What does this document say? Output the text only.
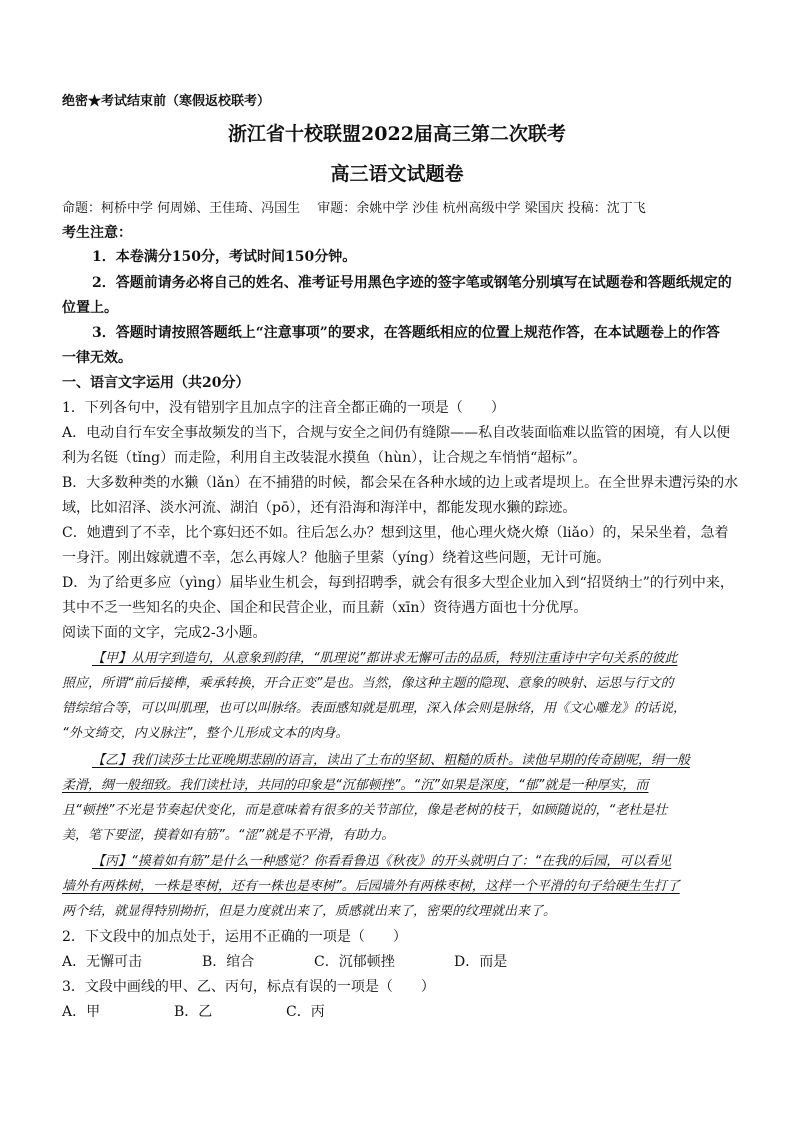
绝密★考试结束前（寒假返校联考）
浙江省十校联盟2022届高三第二次联考
高三语文试题卷
命题：柯桥中学 何周娣、王佳琦、冯国生　 审题：余姚中学 沙佳 杭州高级中学 梁国庆 投稿：沈丁飞
考生注意：
1．本卷满分150分，考试时间150分钟。
2．答题前请务必将自己的姓名、准考证号用黑色字迹的签字笔或钢笔分别填写在试题卷和答题纸规定的
位置上。
3．答题时请按照答题纸上“注意事项”的要求，在答题纸相应的位置上规范作答，在本试题卷上的作答
一律无效。
一、语言文字运用（共20分）
1．下列各句中，没有错别字且加点字的注音全都正确的一项是（　　）
A．电动自行车安全事故频发的当下，合规与安全之间仍有缝隙——私自改装面临难以监管的困境，有人以便
利为名铤（tǐng）而走险，利用自主改装混水摸鱼（hùn），让合规之车悄悄“超标”。
B．大多数种类的水獭（lǎn）在不捕猎的时候，都会呆在各种水域的边上或者堤坝上。在全世界未遭污染的水
域，比如沼泽、淡水河流、湖泊（pō），还有沿海和海洋中，都能发现水獭的踪迹。
C．她遭到了不幸，比个寡妇还不如。往后怎么办？想到这里，他心理火烧火燎（liǎo）的，呆呆坐着，急着
一身汗。刚出嫁就遭不幸，怎么再嫁人？他脑子里萦（yíng）绕着这些问题，无计可施。
D．为了给更多应（yìng）届毕业生机会，每到招聘季，就会有很多大型企业加入到“招贤纳士”的行列中来，
其中不乏一些知名的央企、国企和民营企业，而且薪（xīn）资待遇方面也十分优厚。
阅读下面的文字，完成2-3小题。
【甲】从用字到造句，从意象到韵律，“肌理说”都讲求无懈可击的品质，特别注重诗中字句关系的彼此
照应，所谓“前后接榫，乘承转换，开合正变”是也。当然，像这种主题的隐现、意象的映射、运思与行文的
错综绾合等，可以叫肌理，也可以叫脉络。表面感知就是肌理，深入体会则是脉络，用《文心雕龙》的话说，
“外文绮交，内义脉注”，整个儿形成文本的肉身。
【乙】我们读莎士比亚晚期悲剧的语言，读出了土布的坚韧、粗糙的质朴。读他早期的传奇剧呢，绢一般
柔滑，绸一般细致。我们读杜诗，共同的印象是“沉郁顿挫”。“沉”如果是深度，“郁”就是一种厚实，而
且“顿挫”不光是节奏起伏变化，而是意味着有很多的关节部位，像是老树的枝干，如顾随说的，“老杜是壮
美，笔下要涩，摸着如有筋”。“涩”就是不平滑，有助力。
【丙】“摸着如有筋”是什么一种感觉？你看看鲁迅《秋夜》的开头就明白了：“在我的后园，可以看见
墙外有两株树，一株是枣树，还有一株也是枣树”。后园墙外有两株枣树，这样一个平滑的句子给硬生生打了
两个结，就显得特别拗折，但是力度就出来了，质感就出来了，密栗的纹理就出来了。
2．下文段中的加点处于，运用不正确的一项是（　　）
A．无懈可击	B．绾合	C．沉郁顿挫	D．而是
3．文段中画线的甲、乙、丙句，标点有误的一项是（　　）
A．甲	B．乙	C．丙
